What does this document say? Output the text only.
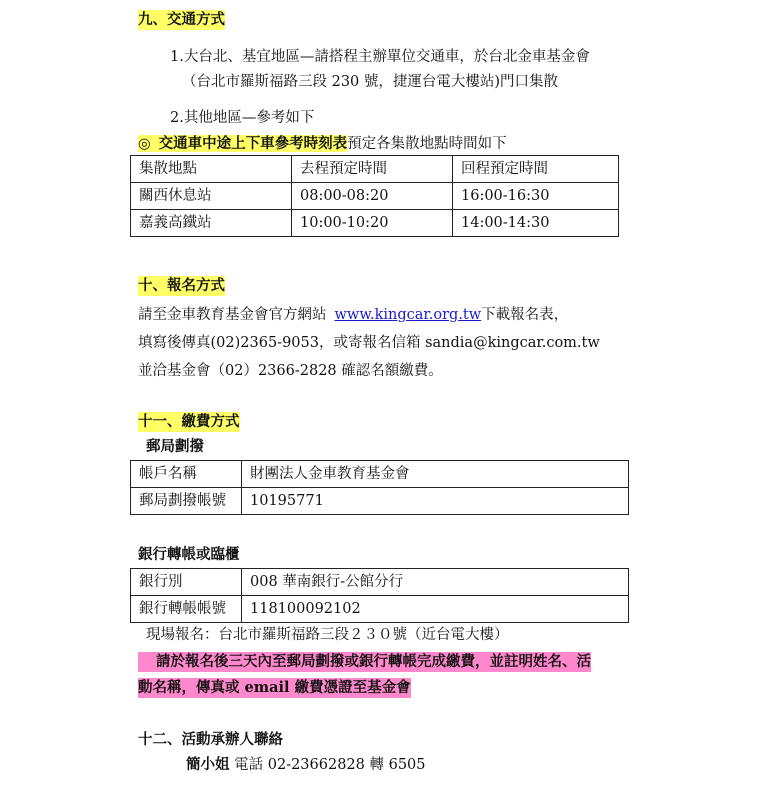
九、交通方式
1.大台北、基宜地區—請搭程主辦單位交通車，於台北金車基金會
（台北市羅斯福路三段 230 號，捷運台電大樓站)門口集散
2.其他地區—參考如下
◎ 交通車中途上下車參考時刻表預定各集散地點時間如下
集散地點	去程預定時間	回程預定時間
關西休息站	08:00-08:20	16:00-16:30
嘉義高鐵站	10:00-10:20	14:00-14:30
十、報名方式
請至金車教育基金會官方網站 www.kingcar.org.tw下載報名表，
填寫後傳真(02)2365-9053，或寄報名信箱 sandia@kingcar.com.tw
並洽基金會（02）2366-2828 確認名額繳費。
十一、繳費方式
郵局劃撥
帳戶名稱	財團法人金車教育基金會
郵局劃撥帳號	10195771
銀行轉帳或臨櫃
銀行別	008 華南銀行-公館分行
銀行轉帳帳號	118100092102
現場報名：台北市羅斯福路三段２３０號（近台電大樓）
請於報名後三天內至郵局劃撥或銀行轉帳完成繳費，並註明姓名、活
動名稱，傳真或 email 繳費憑證至基金會
十二、活動承辦人聯絡
簡小姐 電話 02-23662828 轉 6505
